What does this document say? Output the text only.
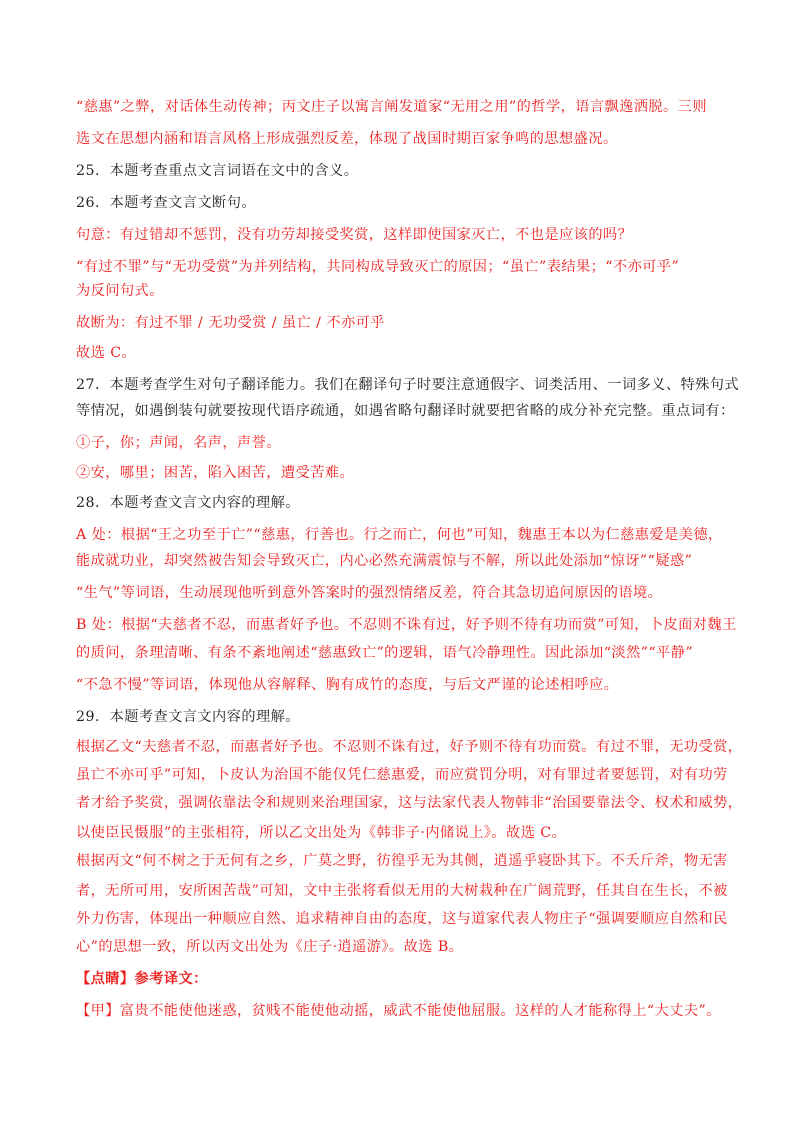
“慈惠”之弊，对话体生动传神；丙文庄子以寓言阐发道家“无用之用”的哲学，语言飘逸洒脱。三则
选文在思想内涵和语言风格上形成强烈反差，体现了战国时期百家争鸣的思想盛况。
25．本题考查重点文言词语在文中的含义。
26．本题考查文言文断句。
句意：有过错却不惩罚，没有功劳却接受奖赏，这样即使国家灭亡，不也是应该的吗？
“有过不罪”与“无功受赏”为并列结构，共同构成导致灭亡的原因；“虽亡”表结果；“不亦可乎”
为反问句式。
故断为：有过不罪 / 无功受赏 / 虽亡 / 不亦可乎
故选 C。
27．本题考查学生对句子翻译能力。我们在翻译句子时要注意通假字、词类活用、一词多义、特殊句式
等情况，如遇倒装句就要按现代语序疏通，如遇省略句翻译时就要把省略的成分补充完整。重点词有：
①子，你；声闻，名声，声誉。
②安，哪里；困苦，陷入困苦，遭受苦难。
28．本题考查文言文内容的理解。
A 处：根据“王之功至于亡”“慈惠，行善也。行之而亡，何也”可知，魏惠王本以为仁慈惠爱是美德，
能成就功业，却突然被告知会导致灭亡，内心必然充满震惊与不解，所以此处添加“惊讶”“疑惑”
“生气”等词语，生动展现他听到意外答案时的强烈情绪反差，符合其急切追问原因的语境。
B 处：根据“夫慈者不忍，而惠者好予也。不忍则不诛有过，好予则不待有功而赏”可知，卜皮面对魏王
的质问，条理清晰、有条不紊地阐述“慈惠致亡”的逻辑，语气冷静理性。因此添加“淡然”“平静”
“不急不慢”等词语，体现他从容解释、胸有成竹的态度，与后文严谨的论述相呼应。
29．本题考查文言文内容的理解。
根据乙文“夫慈者不忍，而惠者好予也。不忍则不诛有过，好予则不待有功而赏。有过不罪，无功受赏，
虽亡不亦可乎”可知，卜皮认为治国不能仅凭仁慈惠爱，而应赏罚分明，对有罪过者要惩罚，对有功劳
者才给予奖赏，强调依靠法令和规则来治理国家，这与法家代表人物韩非“治国要靠法令、权术和威势，
以使臣民慑服”的主张相符，所以乙文出处为《韩非子·内储说上》。故选 C。
根据丙文“何不树之于无何有之乡，广莫之野，彷徨乎无为其侧，逍遥乎寝卧其下。不夭斤斧，物无害
者，无所可用，安所困苦哉”可知，文中主张将看似无用的大树栽种在广阔荒野，任其自在生长，不被
外力伤害，体现出一种顺应自然、追求精神自由的态度，这与道家代表人物庄子“强调要顺应自然和民
心”的思想一致，所以丙文出处为《庄子·逍遥游》。故选 B。
【点睛】参考译文：
【甲】富贵不能使他迷惑，贫贱不能使他动摇，威武不能使他屈服。这样的人才能称得上“大丈夫”。
